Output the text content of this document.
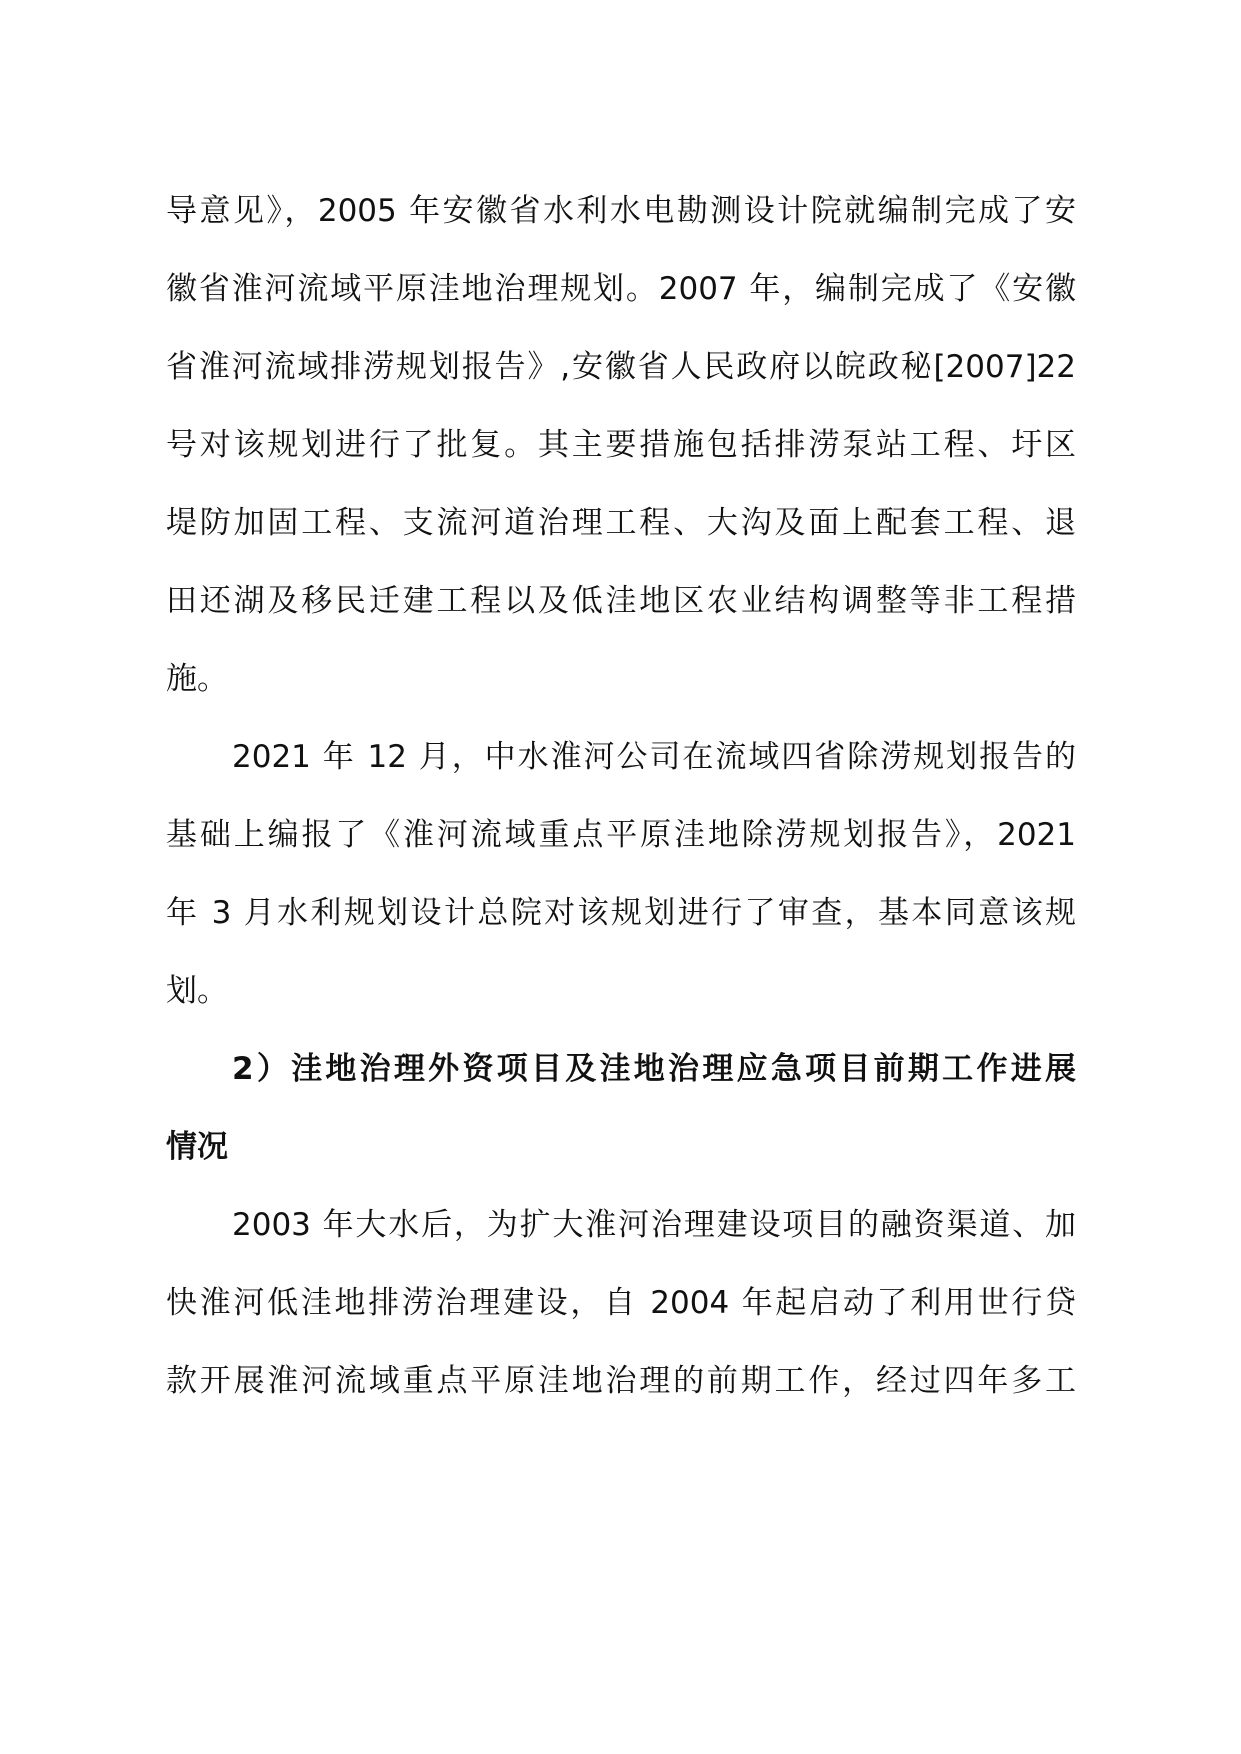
导意见》，2005 年安徽省水利水电勘测设计院就编制完成了安
徽省淮河流域平原洼地治理规划。2007 年，编制完成了《安徽
省淮河流域排涝规划报告》,安徽省人民政府以皖政秘[2007]22
号对该规划进行了批复。其主要措施包括排涝泵站工程、圩区
堤防加固工程、支流河道治理工程、大沟及面上配套工程、退
田还湖及移民迁建工程以及低洼地区农业结构调整等非工程措
施。
2021 年 12 月，中水淮河公司在流域四省除涝规划报告的
基础上编报了《淮河流域重点平原洼地除涝规划报告》，2021
年 3 月水利规划设计总院对该规划进行了审查，基本同意该规
划。
2）洼地治理外资项目及洼地治理应急项目前期工作进展
情况
2003 年大水后，为扩大淮河治理建设项目的融资渠道、加
快淮河低洼地排涝治理建设，自 2004 年起启动了利用世行贷
款开展淮河流域重点平原洼地治理的前期工作，经过四年多工
